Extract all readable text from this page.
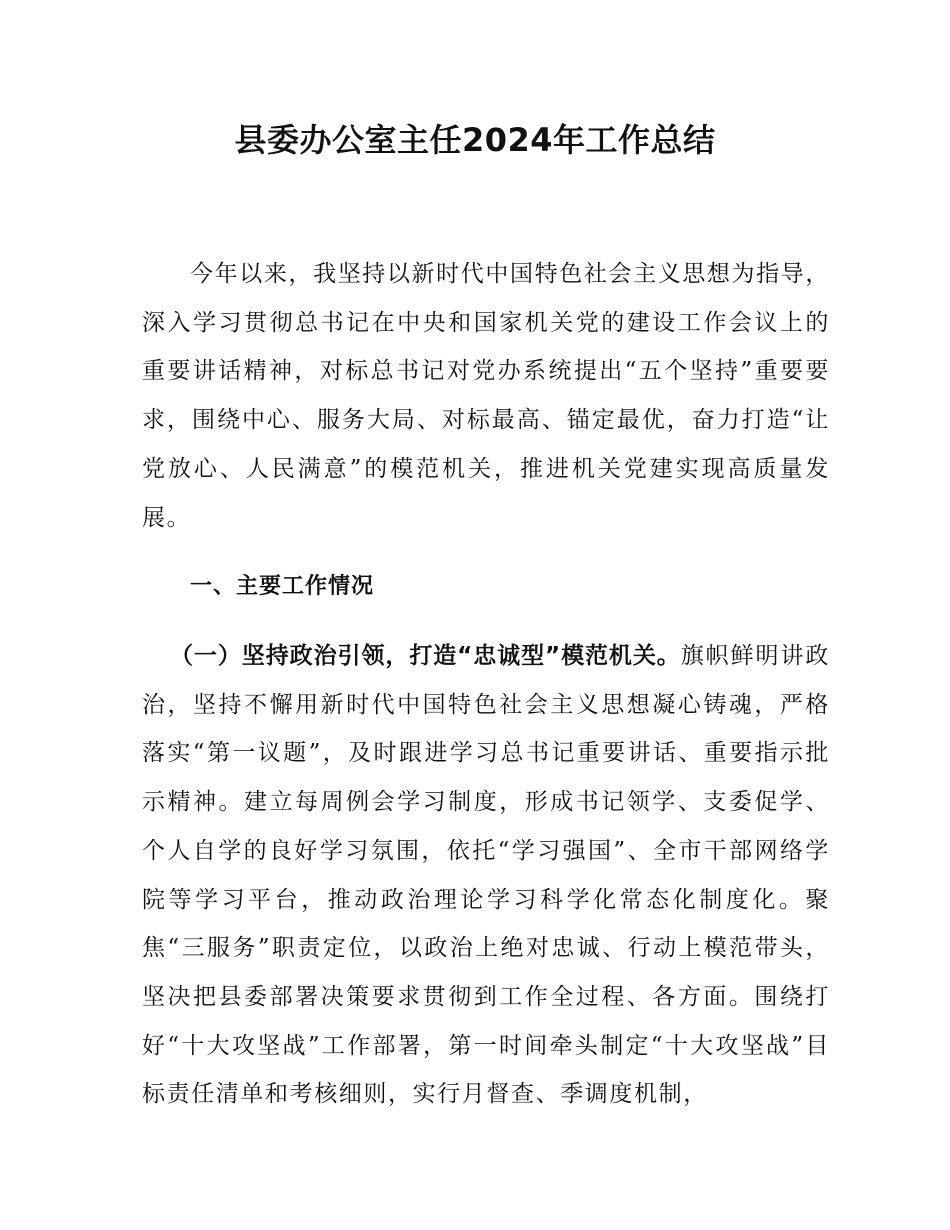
县委办公室主任2024年工作总结

今年以来，我坚持以新时代中国特色社会主义思想为指导，深入学习贯彻总书记在中央和国家机关党的建设工作会议上的重要讲话精神，对标总书记对党办系统提出“五个坚持”重要要求，围绕中心、服务大局、对标最高、锚定最优，奋力打造“让党放心、人民满意”的模范机关，推进机关党建实现高质量发展。

一、主要工作情况

（一）坚持政治引领，打造“忠诚型”模范机关。旗帜鲜明讲政治，坚持不懈用新时代中国特色社会主义思想凝心铸魂，严格落实“第一议题”，及时跟进学习总书记重要讲话、重要指示批示精神。建立每周例会学习制度，形成书记领学、支委促学、个人自学的良好学习氛围，依托“学习强国”、全市干部网络学院等学习平台，推动政治理论学习科学化常态化制度化。聚焦“三服务”职责定位，以政治上绝对忠诚、行动上模范带头，坚决把县委部署决策要求贯彻到工作全过程、各方面。围绕打好“十大攻坚战”工作部署，第一时间牵头制定“十大攻坚战”目标责任清单和考核细则，实行月督查、季调度机制，
